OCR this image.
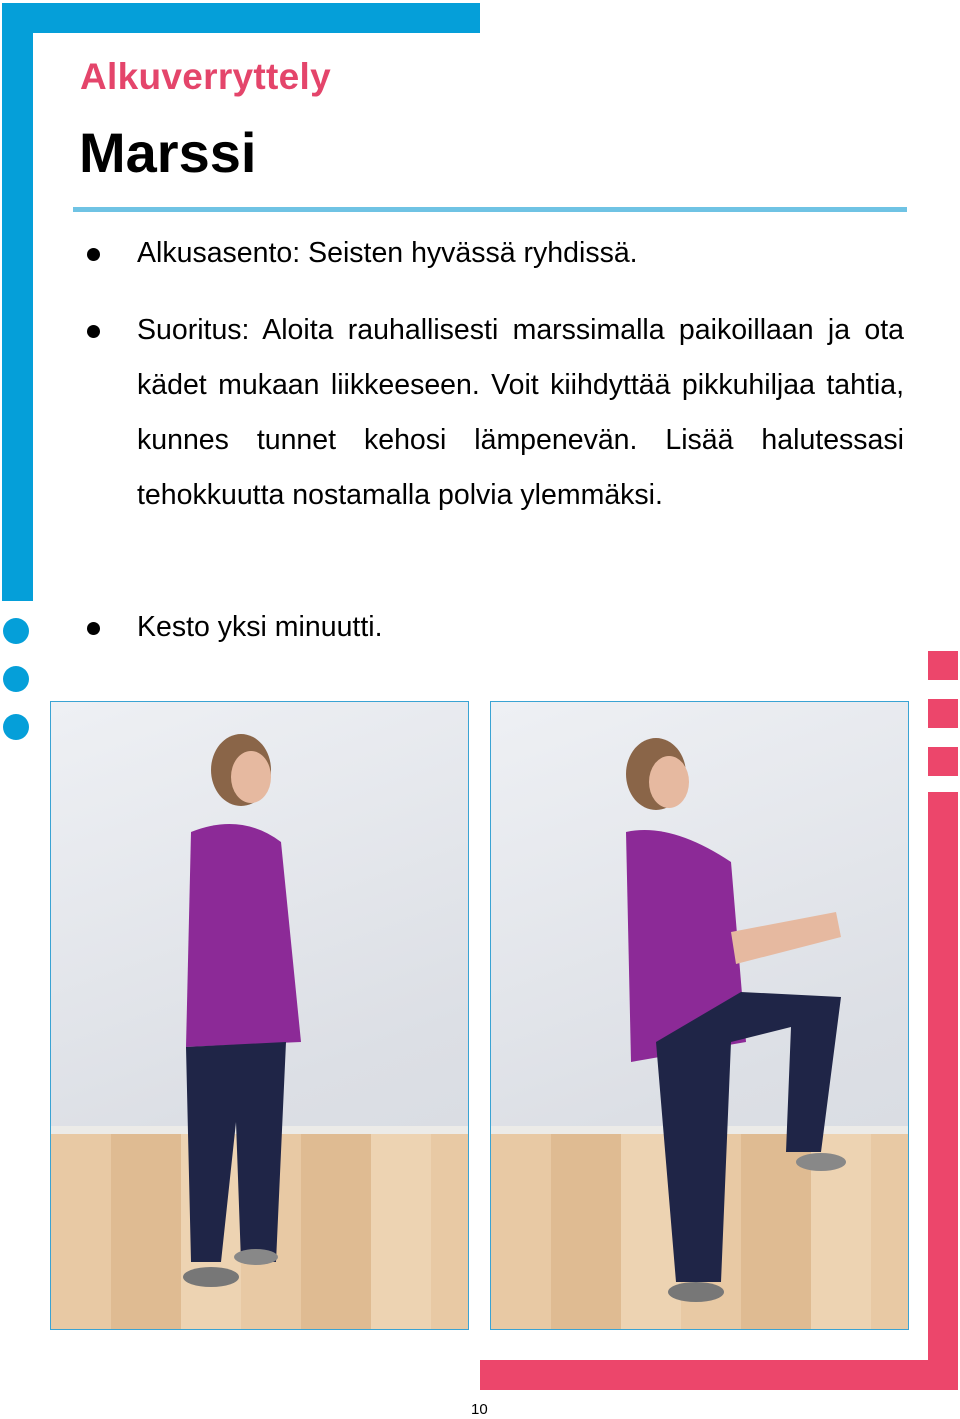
Alkuverryttely
Marssi
Alkusasento: Seisten hyvässä ryhdissä.
Suoritus: Aloita rauhallisesti marssimalla paikoillaan ja ota kädet mukaan liikkeeseen. Voit kiihdyttää pikkuhiljaa tahtia, kunnes tunnet kehosi lämpenevän. Lisää halutessasi tehokkuutta nostamalla polvia ylemmäksi.
Kesto yksi minuutti.
10
